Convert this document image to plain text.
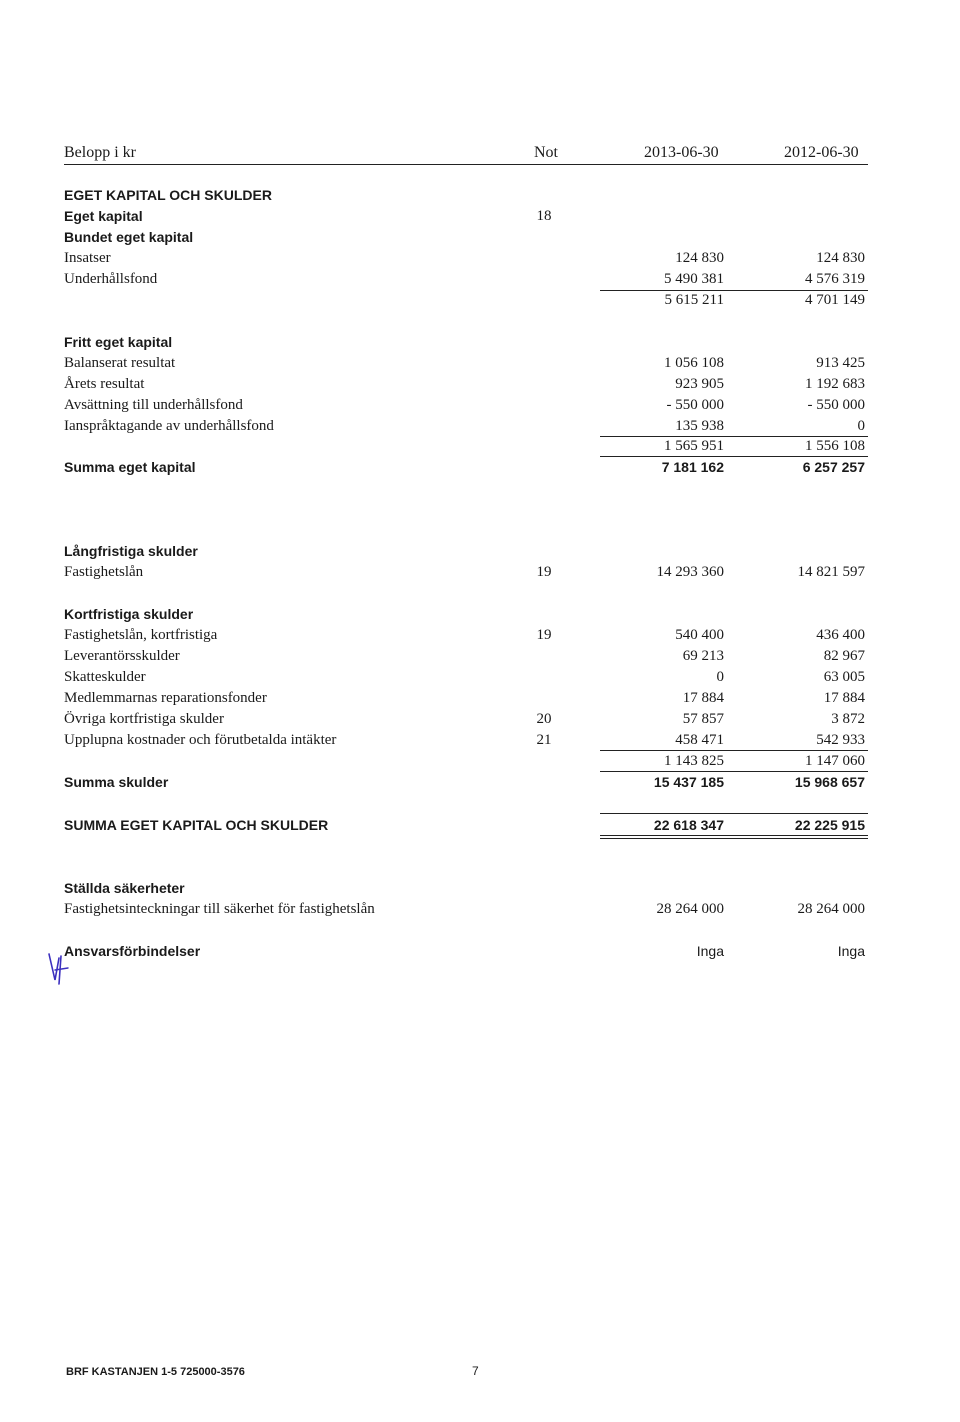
Belopp i kr	Not	2013-06-30	2012-06-30
EGET KAPITAL OCH SKULDER
Eget kapital	18
Bundet eget kapital
Insatser	124 830	124 830
Underhållsfond	5 490 381	4 576 319
5 615 211	4 701 149
Fritt eget kapital
Balanserat resultat	1 056 108	913 425
Årets resultat	923 905	1 192 683
Avsättning till underhållsfond	- 550 000	- 550 000
Ianspråktagande av underhållsfond	135 938	0
1 565 951	1 556 108
Summa eget kapital	7 181 162	6 257 257
Långfristiga skulder
Fastighetslån	19	14 293 360	14 821 597
Kortfristiga skulder
Fastighetslån, kortfristiga	19	540 400	436 400
Leverantörsskulder	69 213	82 967
Skatteskulder	0	63 005
Medlemmarnas reparationsfonder	17 884	17 884
Övriga kortfristiga skulder	20	57 857	3 872
Upplupna kostnader och förutbetalda intäkter	21	458 471	542 933
1 143 825	1 147 060
Summa skulder	15 437 185	15 968 657
SUMMA EGET KAPITAL OCH SKULDER	22 618 347	22 225 915
Ställda säkerheter
Fastighetsinteckningar till säkerhet för fastighetslån	28 264 000	28 264 000
Ansvarsförbindelser	Inga	Inga
BRF KASTANJEN 1-5 725000-3576	7
